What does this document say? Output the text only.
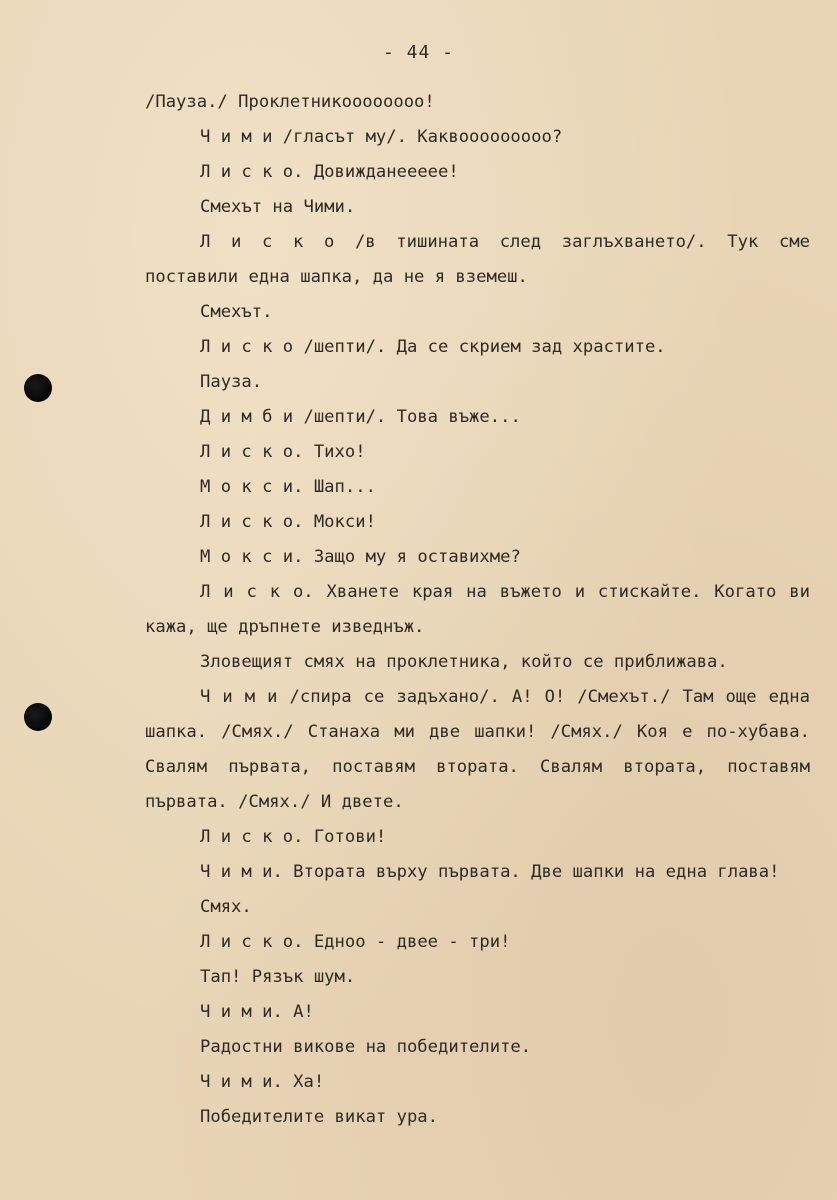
- 44 -
/Пауза./ Проклетникоооооооо!
Ч и м и /гласът му/. Каквооооооооо?
Л и с к о. Довижданееeee!
Смехът на Чими.
Л и с к о /в тишината след заглъхването/. Тук сме поставили една шапка, да не я вземеш.
Смехът.
Л и с к о /шепти/. Да се скрием зад храстите.
Пауза.
Д и м б и /шепти/. Това въже...
Л и с к о. Тихо!
М о к с и. Шап...
Л и с к о. Мокси!
М о к с и. Защо му я оставихме?
Л и с к о. Хванете края на въжето и стискайте. Когато ви кажа, ще дръпнете изведнъж.
Зловещият смях на проклетника, който се приближава.
Ч и м и /спира се задъхано/. А! О! /Смехът./ Там още една шапка. /Смях./ Станаха ми две шапки! /Смях./ Коя е по-хубава. Свалям първата, поставям втората. Свалям втората, поставям първата. /Смях./ И двете.
Л и с к о. Готови!
Ч и м и. Втората върху първата. Две шапки на една глава!
Смях.
Л и с к о. Едноо - двее - три!
Тап! Рязък шум.
Ч и м и. А!
Радостни викове на победителите.
Ч и м и. Ха!
Победителите викат ура.
